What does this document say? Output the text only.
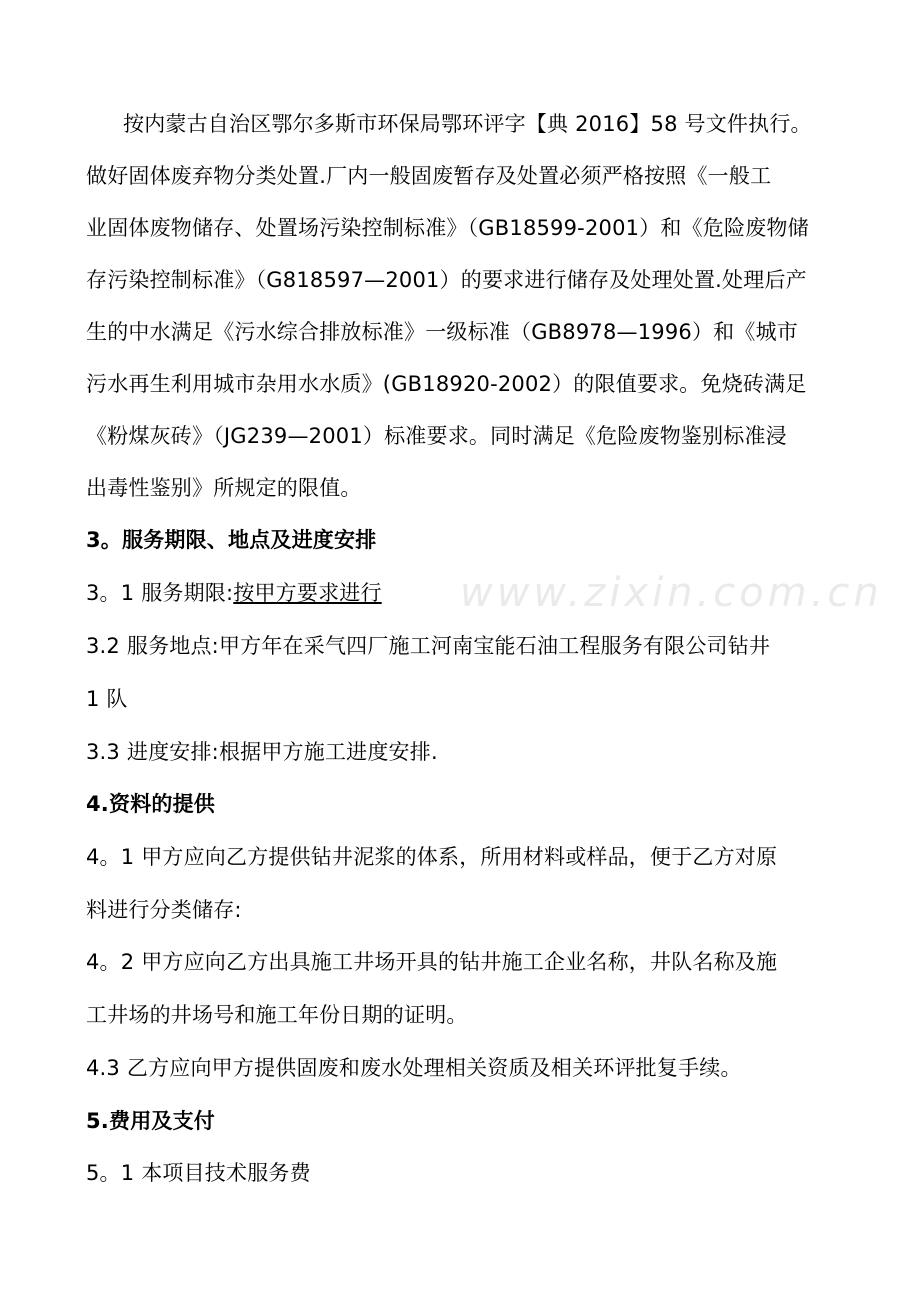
按内蒙古自治区鄂尔多斯市环保局鄂环评字【典 2016】58 号文件执行。
做好固体废弃物分类处置.厂内一般固废暂存及处置必须严格按照《一般工
业固体废物储存、处置场污染控制标准》（GB18599-2001）和《危险废物储
存污染控制标准》（G818597—2001）的要求进行储存及处理处置.处理后产
生的中水满足《污水综合排放标准》一级标准（GB8978—1996）和《城市
污水再生利用城市杂用水水质》(GB18920-2002）的限值要求。免烧砖满足
《粉煤灰砖》（JG239—2001）标准要求。同时满足《危险废物鉴别标准浸
出毒性鉴别》所规定的限值。
3。服务期限、地点及进度安排
3。1 服务期限:按甲方要求进行
3.2 服务地点:甲方年在采气四厂施工河南宝能石油工程服务有限公司钻井
1 队
3.3 进度安排:根据甲方施工进度安排.
4.资料的提供
4。1 甲方应向乙方提供钻井泥浆的体系，所用材料或样品，便于乙方对原
料进行分类储存:
4。2 甲方应向乙方出具施工井场开具的钻井施工企业名称，井队名称及施
工井场的井场号和施工年份日期的证明。
4.3 乙方应向甲方提供固废和废水处理相关资质及相关环评批复手续。
5.费用及支付
5。1 本项目技术服务费
www.zixin.com.cn
